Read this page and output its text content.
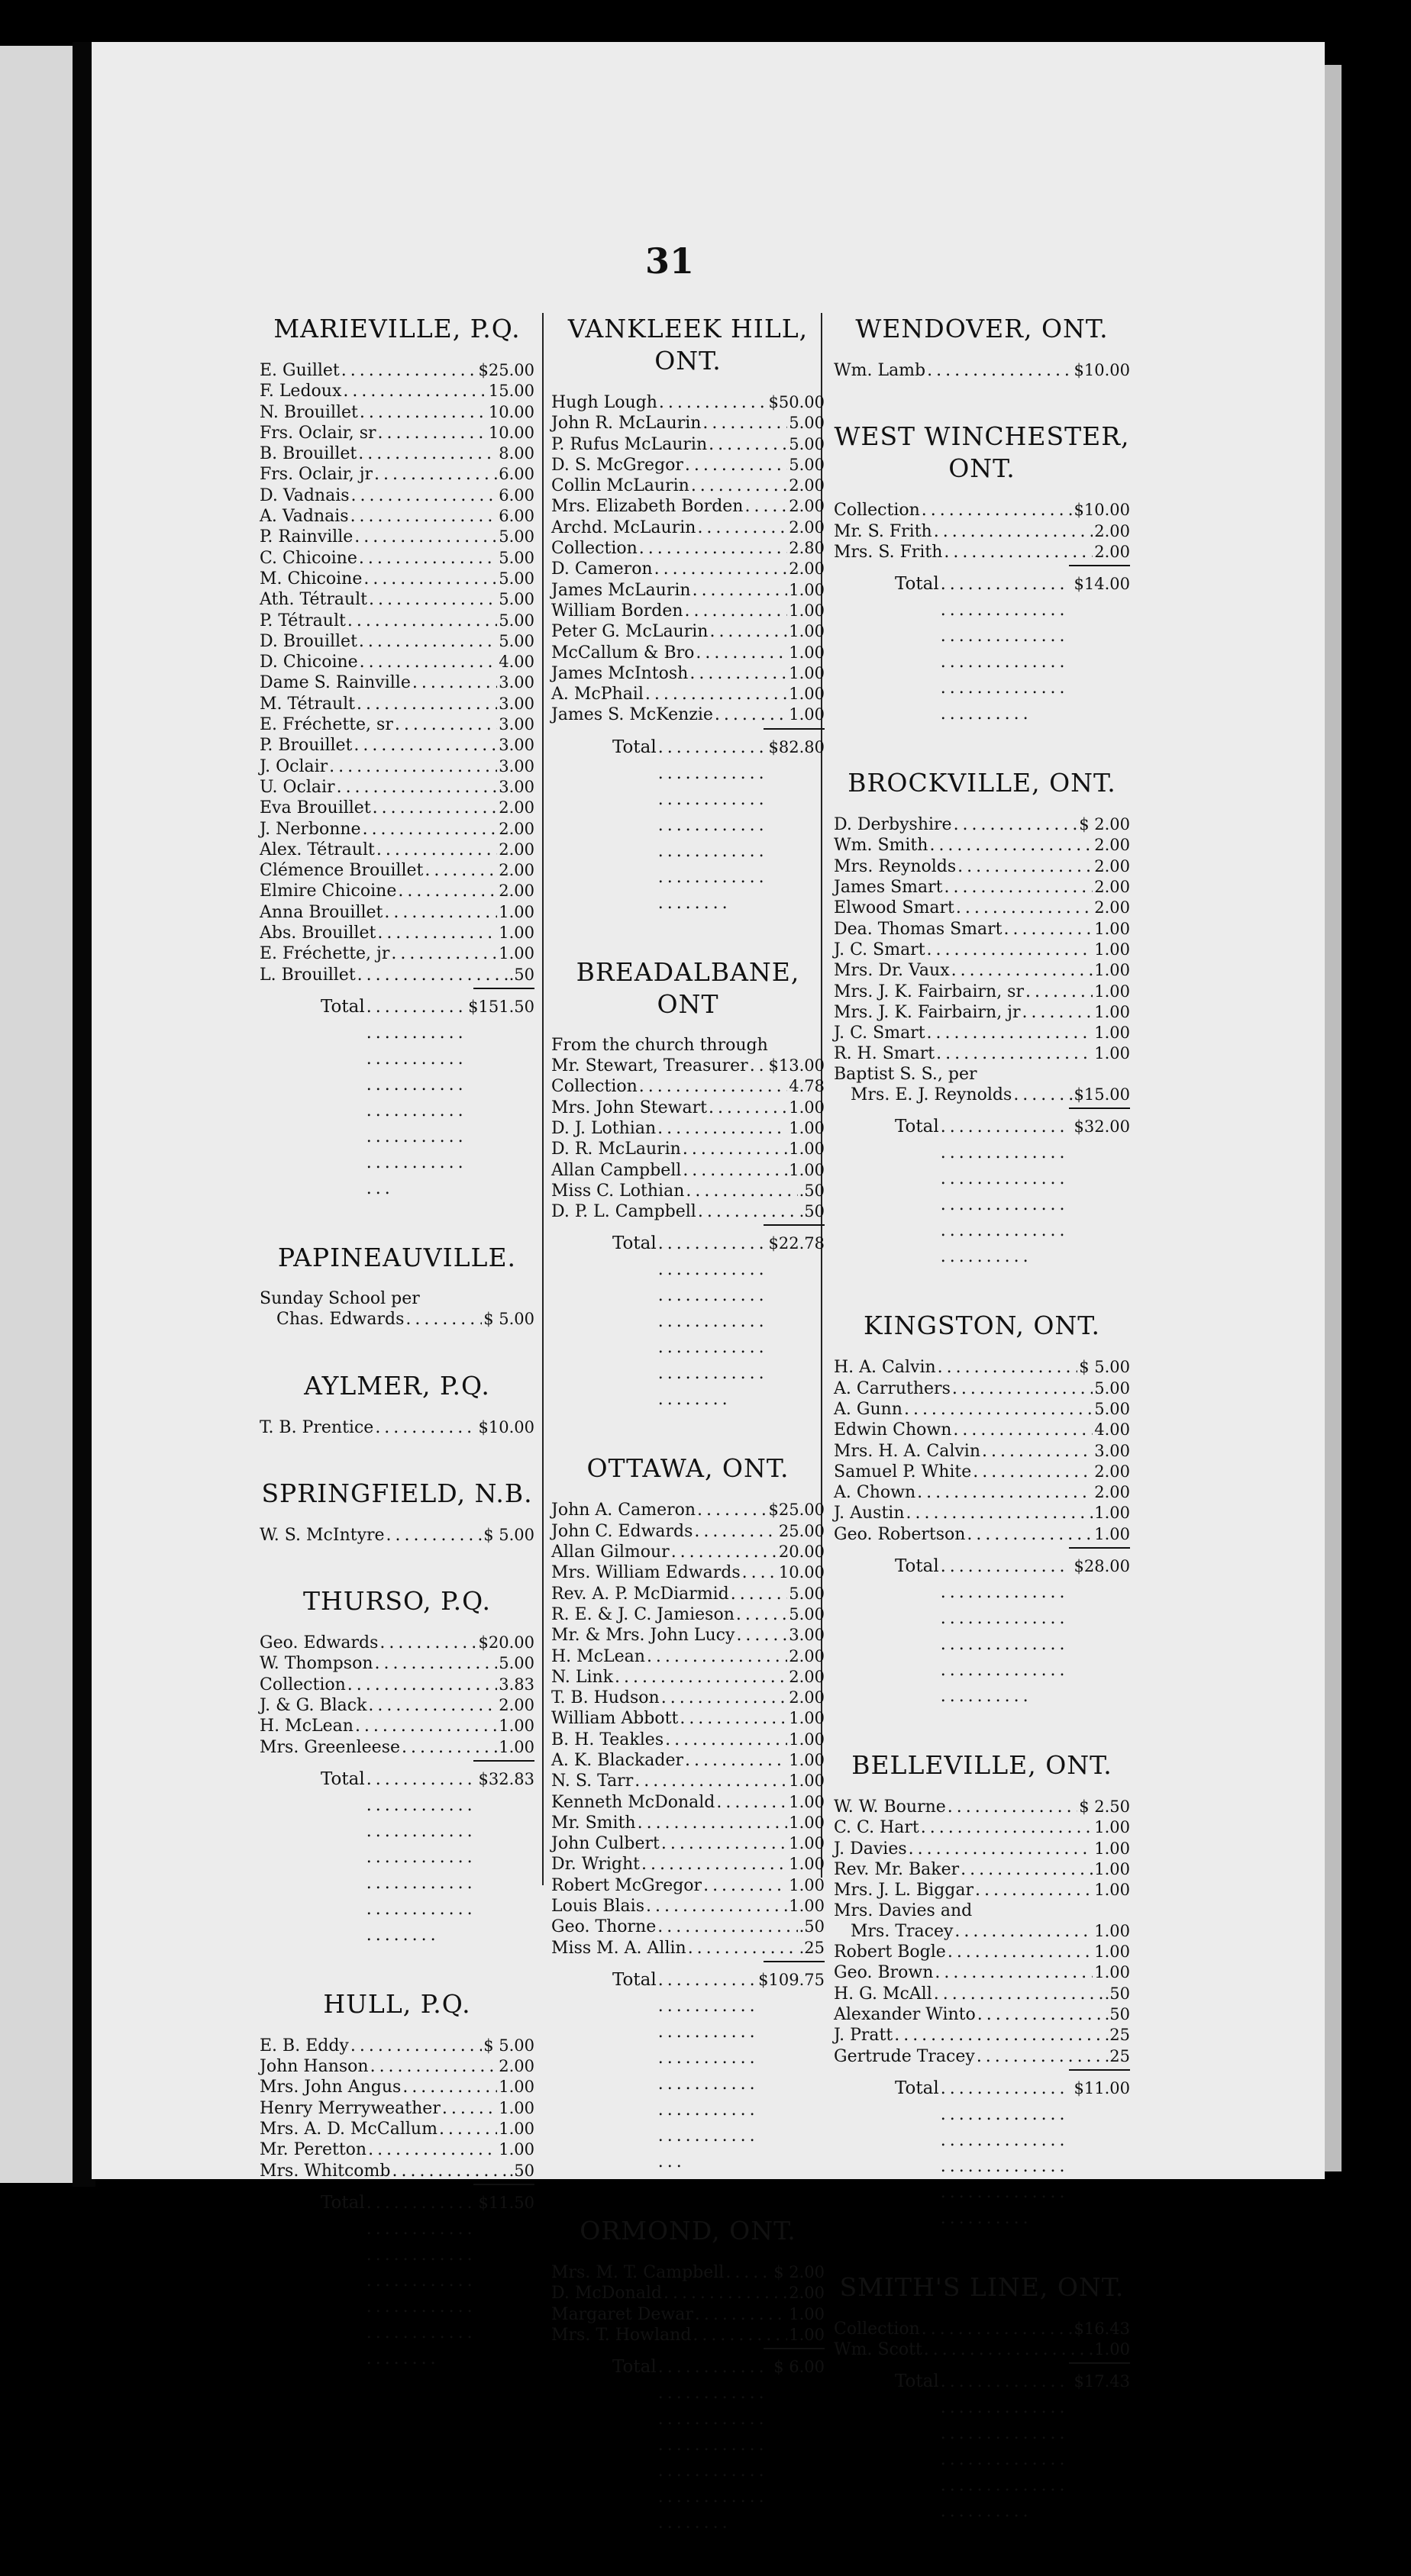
31
MARIEVILLE, P.Q.
E. Guillet . . .	$25.00
F. Ledoux . . .	15.00
N. Brouillet . . .	10.00
Frs. Oclair, sr . . .	10.00
B. Brouillet . . .	8.00
Frs. Oclair, jr . . .	6.00
D. Vadnais . . .	6.00
A. Vadnais . . .	6.00
P. Rainville . . .	5.00
C. Chicoine . . .	5.00
M. Chicoine . . .	5.00
Ath. Tétrault . . .	5.00
P. Tétrault . . .	5.00
D. Brouillet . . .	5.00
D. Chicoine . . .	4.00
Dame S. Rainville . . .	3.00
M. Tétrault . . .	3.00
E. Fréchette, sr . . .	3.00
P. Brouillet . . .	3.00
J. Oclair . . .	3.00
U. Oclair . . .	3.00
Eva Brouillet . . .	2.00
J. Nerbonne . . .	2.00
Alex. Tétrault . . .	2.00
Clémence Brouillet . . .	2.00
Elmire Chicoine . . .	2.00
Anna Brouillet . . .	1.00
Abs. Brouillet . . .	1.00
E. Fréchette, jr . . .	1.00
L. Brouillet . . .	.50
Total . . .	$151.50
PAPINEAUVILLE.
Sunday School per
Chas. Edwards . . .	$ 5.00
AYLMER, P.Q.
T. B. Prentice . . .	$10.00
SPRINGFIELD, N.B.
W. S. McIntyre . . .	$ 5.00
THURSO, P.Q.
Geo. Edwards . . .	$20.00
W. Thompson . . .	5.00
Collection . . .	3.83
J. & G. Black . . .	2.00
H. McLean . . .	1.00
Mrs. Greenleese . . .	1.00
Total . . .	$32.83
HULL, P.Q.
E. B. Eddy . . .	$ 5.00
John Hanson . . .	2.00
Mrs. John Angus . . .	1.00
Henry Merryweather . . .	1.00
Mrs. A. D. McCallum . . .	1.00
Mr. Peretton . . .	1.00
Mrs. Whitcomb . . .	.50
Total . . .	$11.50
VANKLEEK HILL, ONT.
Hugh Lough . . .	$50.00
John R. McLaurin . . .	5.00
P. Rufus McLaurin . . .	5.00
D. S. McGregor . . .	5.00
Collin McLaurin . . .	2.00
Mrs. Elizabeth Borden . . .	2.00
Archd. McLaurin . . .	2.00
Collection . . .	2.80
D. Cameron . . .	2.00
James McLaurin . . .	1.00
William Borden . . .	1.00
Peter G. McLaurin . . .	1.00
McCallum & Bro . . .	1.00
James McIntosh . . .	1.00
A. McPhail . . .	1.00
James S. McKenzie . . .	1.00
Total . . .	$82.80
BREADALBANE, ONT
From the church through
Mr. Stewart, Treasurer . . . $13.00
Collection . . .	4.78
Mrs. John Stewart . . .	1.00
D. J. Lothian . . .	1.00
D. R. McLaurin . . .	1.00
Allan Campbell . . .	1.00
Miss C. Lothian . . .	.50
D. P. L. Campbell . . .	.50
Total . . .	$22.78
OTTAWA, ONT.
John A. Cameron . . .	$25.00
John C. Edwards . . .	25.00
Allan Gilmour . . .	20.00
Mrs. William Edwards . . . 10.00
Rev. A. P. McDiarmid . . .	5.00
R. E. & J. C. Jamieson . . .	5.00
Mr. & Mrs. John Lucy . . .	3.00
H. McLean . . .	2.00
N. Link . . .	2.00
T. B. Hudson . . .	2.00
William Abbott . . .	1.00
B. H. Teakles . . .	1.00
A. K. Blackader . . .	1.00
N. S. Tarr . . .	1.00
Kenneth McDonald . . .	1.00
Mr. Smith . . .	1.00
John Culbert . . .	1.00
Dr. Wright . . .	1.00
Robert McGregor . . .	1.00
Louis Blais . . .	1.00
Geo. Thorne . . .	.50
Miss M. A. Allin . . .	.25
Total . . .	$109.75
ORMOND, ONT.
Mrs. M. T. Campbell . . .	$ 2.00
D. McDonald . . .	2.00
Margaret Dewar . . .	1.00
Mrs. T. Howland . . .	1.00
Total . . .	$ 6.00
WENDOVER, ONT.
Wm. Lamb . . .	$10.00
WEST WINCHESTER, ONT.
Collection . . .	$10.00
Mr. S. Frith . . .	2.00
Mrs. S. Frith . . .	2.00
Total . . .	$14.00
BROCKVILLE, ONT.
D. Derbyshire . . .	$ 2.00
Wm. Smith . . .	2.00
Mrs. Reynolds . . .	2.00
James Smart . . .	2.00
Elwood Smart . . .	2.00
Dea. Thomas Smart . . .	1.00
J. C. Smart . . .	1.00
Mrs. Dr. Vaux . . .	1.00
Mrs. J. K. Fairbairn, sr . . .	1.00
Mrs. J. K. Fairbairn, jr . . .	1.00
J. C. Smart . . .	1.00
R. H. Smart . . .	1.00
Baptist S. S., per
Mrs. E. J. Reynolds . . .	$15.00
Total . . .	$32.00
KINGSTON, ONT.
H. A. Calvin . . .	$ 5.00
A. Carruthers . . .	5.00
A. Gunn . . .	5.00
Edwin Chown . . .	4.00
Mrs. H. A. Calvin . . .	3.00
Samuel P. White . . .	2.00
A. Chown . . .	2.00
J. Austin . . .	1.00
Geo. Robertson . . .	1.00
Total . . .	$28.00
BELLEVILLE, ONT.
W. W. Bourne . . .	$ 2.50
C. C. Hart . . .	1.00
J. Davies . . .	1.00
Rev. Mr. Baker . . .	1.00
Mrs. J. L. Biggar . . .	1.00
Mrs. Davies and
Mrs. Tracey . . .	1.00
Robert Bogle . . .	1.00
Geo. Brown . . .	1.00
H. G. McAll . . .	.50
Alexander Winto . . .	.50
J. Pratt . . .	.25
Gertrude Tracey . . .	.25
Total . . .	$11.00
SMITH'S LINE, ONT.
Collection . . .	$16.43
Wm. Scott . . .	1.00
Total . . .	$17.43
